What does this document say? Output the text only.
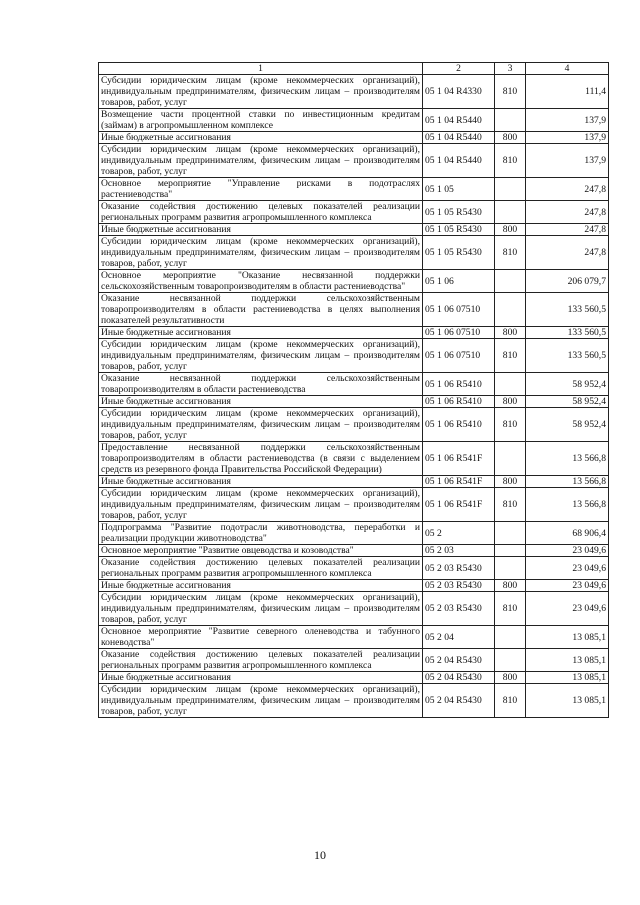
1	2	3	4
Субсидии юридическим лицам (кроме некоммерческих организаций), индивидуальным предпринимателям, физическим лицам – производителям товаров, работ, услуг	05 1 04 R4330	810	111,4
Возмещение части процентной ставки по инвестиционным кредитам (займам) в агропромышленном комплексе	05 1 04 R5440		137,9
Иные бюджетные ассигнования	05 1 04 R5440	800	137,9
Субсидии юридическим лицам (кроме некоммерческих организаций), индивидуальным предпринимателям, физическим лицам – производителям товаров, работ, услуг	05 1 04 R5440	810	137,9
Основное мероприятие "Управление рисками в подотраслях растениеводства"	05 1 05		247,8
Оказание содействия достижению целевых показателей реализации региональных программ развития агропромышленного комплекса	05 1 05 R5430		247,8
Иные бюджетные ассигнования	05 1 05 R5430	800	247,8
Субсидии юридическим лицам (кроме некоммерческих организаций), индивидуальным предпринимателям, физическим лицам – производителям товаров, работ, услуг	05 1 05 R5430	810	247,8
Основное мероприятие "Оказание несвязанной поддержки сельскохозяйственным товаропроизводителям в области растениеводства"	05 1 06		206 079,7
Оказание несвязанной поддержки сельскохозяйственным товаропроизводителям в области растениеводства в целях выполнения показателей результативности	05 1 06 07510		133 560,5
Иные бюджетные ассигнования	05 1 06 07510	800	133 560,5
Субсидии юридическим лицам (кроме некоммерческих организаций), индивидуальным предпринимателям, физическим лицам – производителям товаров, работ, услуг	05 1 06 07510	810	133 560,5
Оказание несвязанной поддержки сельскохозяйственным товаропроизводителям в области растениеводства	05 1 06 R5410		58 952,4
Иные бюджетные ассигнования	05 1 06 R5410	800	58 952,4
Субсидии юридическим лицам (кроме некоммерческих организаций), индивидуальным предпринимателям, физическим лицам – производителям товаров, работ, услуг	05 1 06 R5410	810	58 952,4
Предоставление несвязанной поддержки сельскохозяйственным товаропроизводителям в области растениеводства (в связи с выделением средств из резервного фонда Правительства Российской Федерации)	05 1 06 R541F		13 566,8
Иные бюджетные ассигнования	05 1 06 R541F	800	13 566,8
Субсидии юридическим лицам (кроме некоммерческих организаций), индивидуальным предпринимателям, физическим лицам – производителям товаров, работ, услуг	05 1 06 R541F	810	13 566,8
Подпрограмма "Развитие подотрасли животноводства, переработки и реализации продукции животноводства"	05 2		68 906,4
Основное мероприятие "Развитие овцеводства и козоводства"	05 2 03		23 049,6
Оказание содействия достижению целевых показателей реализации региональных программ развития агропромышленного комплекса	05 2 03 R5430		23 049,6
Иные бюджетные ассигнования	05 2 03 R5430	800	23 049,6
Субсидии юридическим лицам (кроме некоммерческих организаций), индивидуальным предпринимателям, физическим лицам – производителям товаров, работ, услуг	05 2 03 R5430	810	23 049,6
Основное мероприятие "Развитие северного оленеводства и табунного коневодства"	05 2 04		13 085,1
Оказание содействия достижению целевых показателей реализации региональных программ развития агропромышленного комплекса	05 2 04 R5430		13 085,1
Иные бюджетные ассигнования	05 2 04 R5430	800	13 085,1
Субсидии юридическим лицам (кроме некоммерческих организаций), индивидуальным предпринимателям, физическим лицам – производителям товаров, работ, услуг	05 2 04 R5430	810	13 085,1
10
